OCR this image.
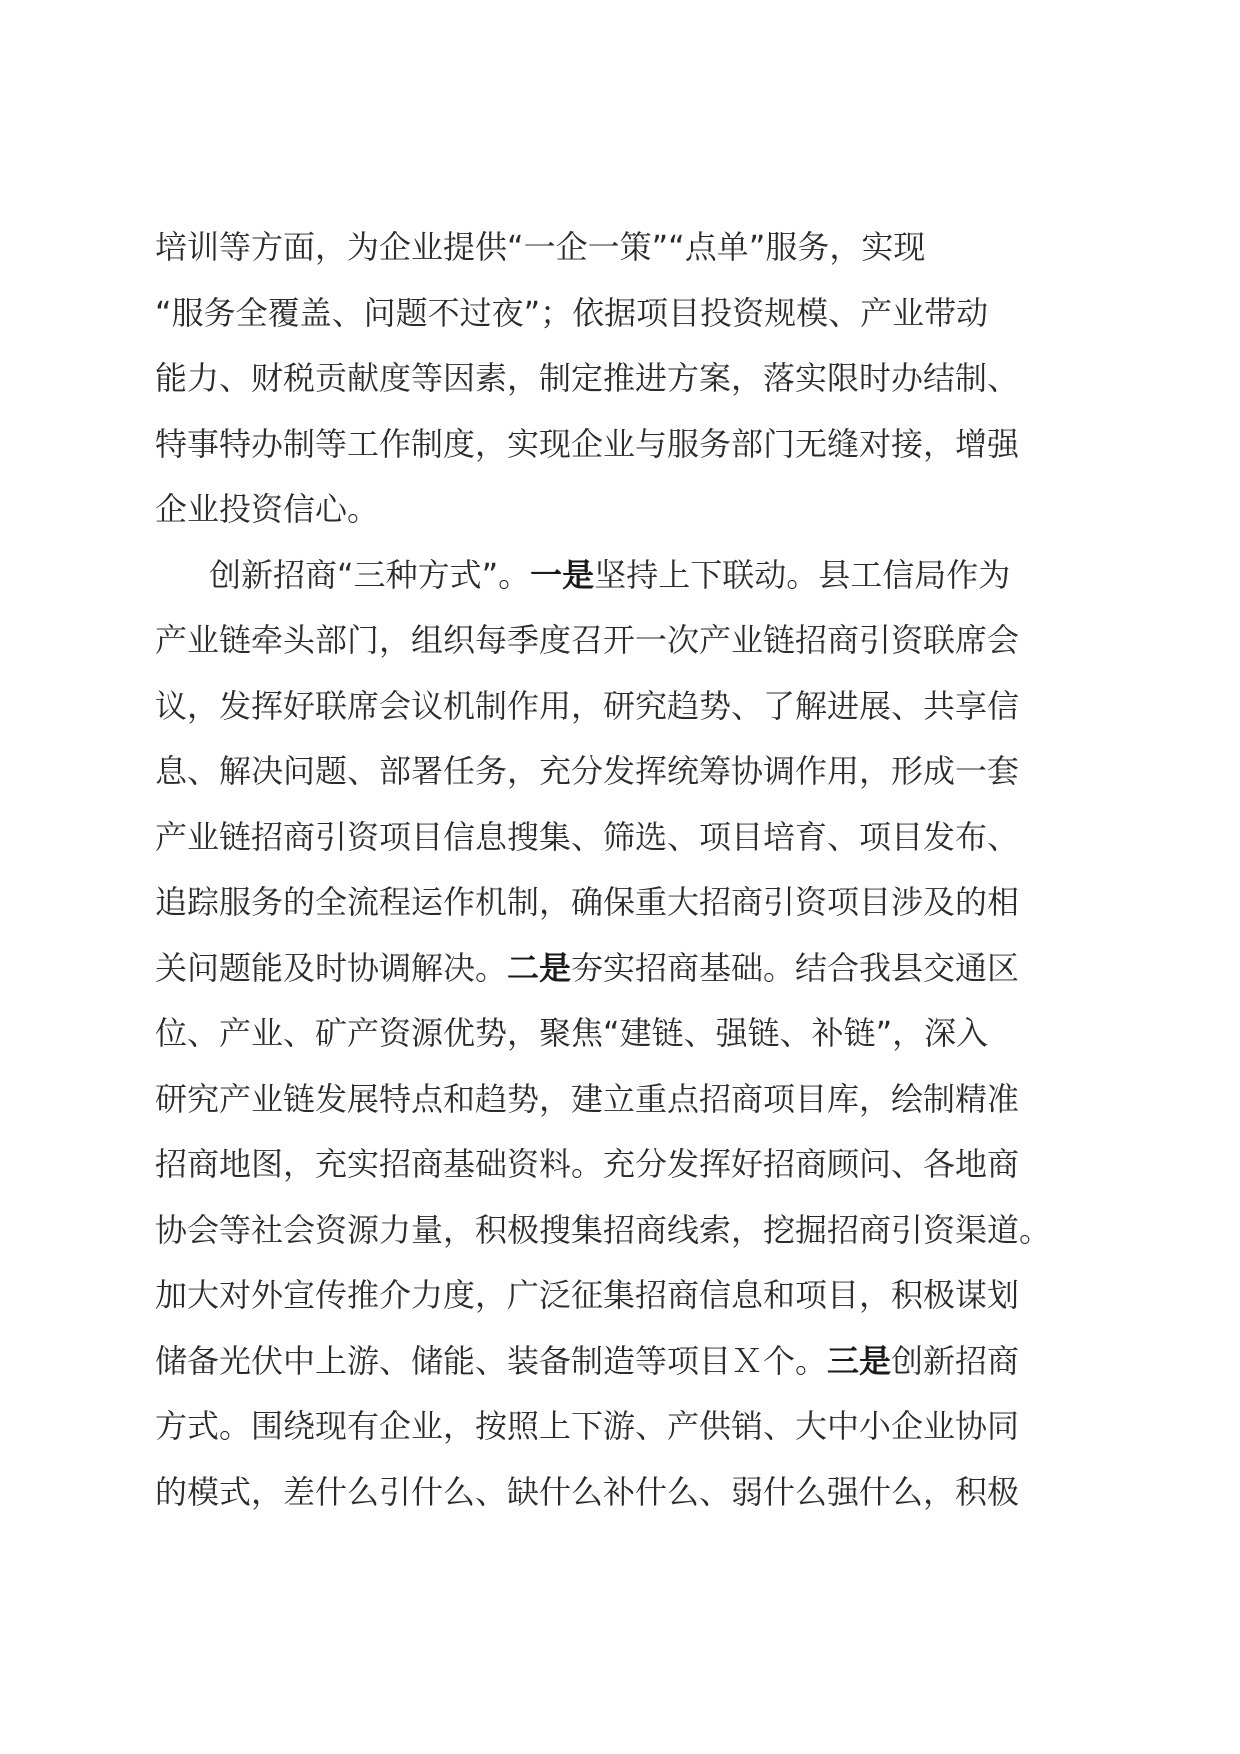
培训等方面，为企业提供“一企一策”“点单”服务，实现
“服务全覆盖、问题不过夜”；依据项目投资规模、产业带动
能力、财税贡献度等因素，制定推进方案，落实限时办结制、
特事特办制等工作制度，实现企业与服务部门无缝对接，增强
企业投资信心。
创新招商“三种方式”。一是坚持上下联动。县工信局作为
产业链牵头部门，组织每季度召开一次产业链招商引资联席会
议，发挥好联席会议机制作用，研究趋势、了解进展、共享信
息、解决问题、部署任务，充分发挥统筹协调作用，形成一套
产业链招商引资项目信息搜集、筛选、项目培育、项目发布、
追踪服务的全流程运作机制，确保重大招商引资项目涉及的相
关问题能及时协调解决。二是夯实招商基础。结合我县交通区
位、产业、矿产资源优势，聚焦“建链、强链、补链”，深入
研究产业链发展特点和趋势，建立重点招商项目库，绘制精准
招商地图，充实招商基础资料。充分发挥好招商顾问、各地商
协会等社会资源力量，积极搜集招商线索，挖掘招商引资渠道。
加大对外宣传推介力度，广泛征集招商信息和项目，积极谋划
储备光伏中上游、储能、装备制造等项目Ｘ个。三是创新招商
方式。围绕现有企业，按照上下游、产供销、大中小企业协同
的模式，差什么引什么、缺什么补什么、弱什么强什么，积极
